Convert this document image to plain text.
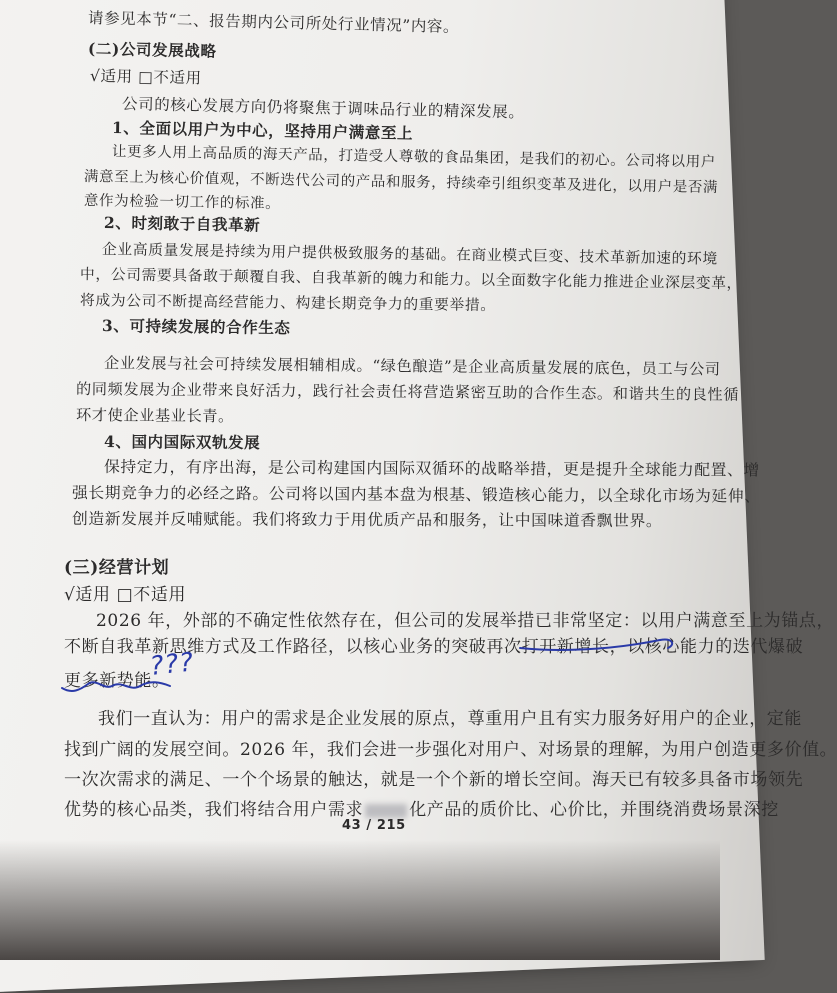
请参见本节“二、报告期内公司所处行业情况”内容。
(二)公司发展战略
√适用 □不适用
公司的核心发展方向仍将聚焦于调味品行业的精深发展。
1、全面以用户为中心，坚持用户满意至上
让更多人用上高品质的海天产品，打造受人尊敬的食品集团，是我们的初心。公司将以用户
满意至上为核心价值观，不断迭代公司的产品和服务，持续牵引组织变革及进化，以用户是否满
意作为检验一切工作的标准。
2、时刻敢于自我革新
企业高质量发展是持续为用户提供极致服务的基础。在商业模式巨变、技术革新加速的环境
中，公司需要具备敢于颠覆自我、自我革新的魄力和能力。以全面数字化能力推进企业深层变革，
将成为公司不断提高经营能力、构建长期竞争力的重要举措。
3、可持续发展的合作生态
企业发展与社会可持续发展相辅相成。“绿色酿造”是企业高质量发展的底色，员工与公司
的同频发展为企业带来良好活力，践行社会责任将营造紧密互助的合作生态。和谐共生的良性循
环才使企业基业长青。
4、国内国际双轨发展
保持定力，有序出海，是公司构建国内国际双循环的战略举措，更是提升全球能力配置、增
强长期竞争力的必经之路。公司将以国内基本盘为根基、锻造核心能力，以全球化市场为延伸、
创造新发展并反哺赋能。我们将致力于用优质产品和服务，让中国味道香飘世界。
(三)经营计划
√适用 □不适用
2026 年，外部的不确定性依然存在，但公司的发展举措已非常坚定：以用户满意至上为锚点，
不断自我革新思维方式及工作路径，以核心业务的突破再次打开新增长，以核心能力的迭代爆破
更多新势能。
我们一直认为：用户的需求是企业发展的原点，尊重用户且有实力服务好用户的企业，定能
找到广阔的发展空间。2026 年，我们会进一步强化对用户、对场景的理解，为用户创造更多价值。
一次次需求的满足、一个个场景的触达，就是一个个新的增长空间。海天已有较多具备市场领先
优势的核心品类，我们将结合用户需求	化产品的质价比、心价比，并围绕消费场景深挖
43 / 215
???
